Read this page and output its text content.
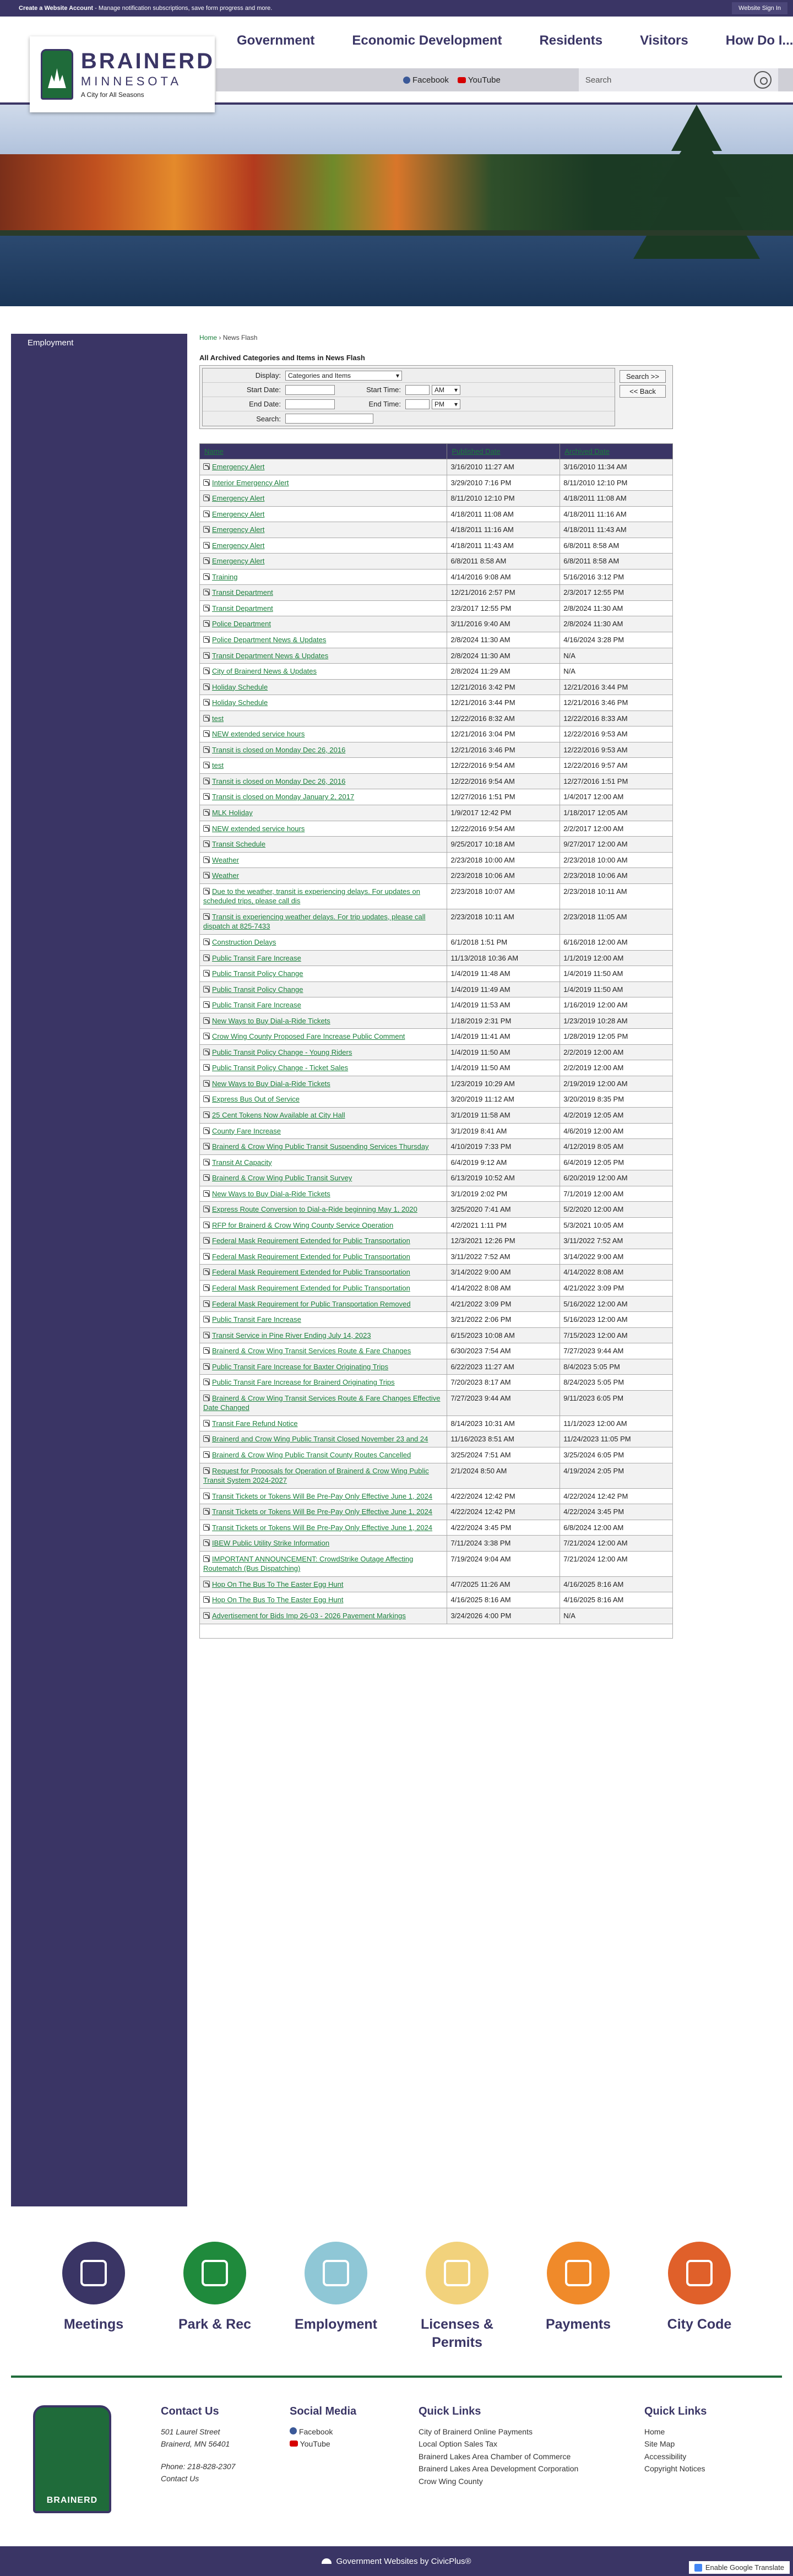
Create a Website Account - Manage notification subscriptions, save form progress and more.	Website Sign In
BRAINERD
MINNESOTA
A City for All Seasons
Government	Economic Development	Residents	Visitors	How Do I...
Facebook YouTube	Search
Employment
Home › News Flash
All Archived Categories and Items in News Flash
Display:	Categories and Items	▾
Start Date:	Start Time:	AM ▾
End Date:	End Time:	PM ▾
Search:
Search >>
<< Back
Name	Published Date	Archived Date
Emergency Alert	3/16/2010 11:27 AM	3/16/2010 11:34 AM
Interior Emergency Alert	3/29/2010 7:16 PM	8/11/2010 12:10 PM
Emergency Alert	8/11/2010 12:10 PM	4/18/2011 11:08 AM
Emergency Alert	4/18/2011 11:08 AM	4/18/2011 11:16 AM
Emergency Alert	4/18/2011 11:16 AM	4/18/2011 11:43 AM
Emergency Alert	4/18/2011 11:43 AM	6/8/2011 8:58 AM
Emergency Alert	6/8/2011 8:58 AM	6/8/2011 8:58 AM
Training	4/14/2016 9:08 AM	5/16/2016 3:12 PM
Transit Department	12/21/2016 2:57 PM	2/3/2017 12:55 PM
Transit Department	2/3/2017 12:55 PM	2/8/2024 11:30 AM
Police Department	3/11/2016 9:40 AM	2/8/2024 11:30 AM
Police Department News & Updates	2/8/2024 11:30 AM	4/16/2024 3:28 PM
Transit Department News & Updates	2/8/2024 11:30 AM	N/A
City of Brainerd News & Updates	2/8/2024 11:29 AM	N/A
Holiday Schedule	12/21/2016 3:42 PM	12/21/2016 3:44 PM
Holiday Schedule	12/21/2016 3:44 PM	12/21/2016 3:46 PM
test	12/22/2016 8:32 AM	12/22/2016 8:33 AM
NEW extended service hours	12/21/2016 3:04 PM	12/22/2016 9:53 AM
Transit is closed on Monday Dec 26, 2016	12/21/2016 3:46 PM	12/22/2016 9:53 AM
test	12/22/2016 9:54 AM	12/22/2016 9:57 AM
Transit is closed on Monday Dec 26, 2016	12/22/2016 9:54 AM	12/27/2016 1:51 PM
Transit is closed on Monday January 2, 2017	12/27/2016 1:51 PM	1/4/2017 12:00 AM
MLK Holiday	1/9/2017 12:42 PM	1/18/2017 12:05 AM
NEW extended service hours	12/22/2016 9:54 AM	2/2/2017 12:00 AM
Transit Schedule	9/25/2017 10:18 AM	9/27/2017 12:00 AM
Weather	2/23/2018 10:00 AM	2/23/2018 10:00 AM
Weather	2/23/2018 10:06 AM	2/23/2018 10:06 AM
Due to the weather, transit is experiencing delays. For updates on scheduled trips, please call dis	2/23/2018 10:07 AM	2/23/2018 10:11 AM
Transit is experiencing weather delays. For trip updates, please call dispatch at 825-7433	2/23/2018 10:11 AM	2/23/2018 11:05 AM
Construction Delays	6/1/2018 1:51 PM	6/16/2018 12:00 AM
Public Transit Fare Increase	11/13/2018 10:36 AM	1/1/2019 12:00 AM
Public Transit Policy Change	1/4/2019 11:48 AM	1/4/2019 11:50 AM
Public Transit Policy Change	1/4/2019 11:49 AM	1/4/2019 11:50 AM
Public Transit Fare Increase	1/4/2019 11:53 AM	1/16/2019 12:00 AM
New Ways to Buy Dial-a-Ride Tickets	1/18/2019 2:31 PM	1/23/2019 10:28 AM
Crow Wing County Proposed Fare Increase Public Comment	1/4/2019 11:41 AM	1/28/2019 12:05 PM
Public Transit Policy Change - Young Riders	1/4/2019 11:50 AM	2/2/2019 12:00 AM
Public Transit Policy Change - Ticket Sales	1/4/2019 11:50 AM	2/2/2019 12:00 AM
New Ways to Buy Dial-a-Ride Tickets	1/23/2019 10:29 AM	2/19/2019 12:00 AM
Express Bus Out of Service	3/20/2019 11:12 AM	3/20/2019 8:35 PM
25 Cent Tokens Now Available at City Hall	3/1/2019 11:58 AM	4/2/2019 12:05 AM
County Fare Increase	3/1/2019 8:41 AM	4/6/2019 12:00 AM
Brainerd & Crow Wing Public Transit Suspending Services Thursday	4/10/2019 7:33 PM	4/12/2019 8:05 AM
Transit At Capacity	6/4/2019 9:12 AM	6/4/2019 12:05 PM
Brainerd & Crow Wing Public Transit Survey	6/13/2019 10:52 AM	6/20/2019 12:00 AM
New Ways to Buy Dial-a-Ride Tickets	3/1/2019 2:02 PM	7/1/2019 12:00 AM
Express Route Conversion to Dial-a-Ride beginning May 1, 2020	3/25/2020 7:41 AM	5/2/2020 12:00 AM
RFP for Brainerd & Crow Wing County Service Operation	4/2/2021 1:11 PM	5/3/2021 10:05 AM
Federal Mask Requirement Extended for Public Transportation	12/3/2021 12:26 PM	3/11/2022 7:52 AM
Federal Mask Requirement Extended for Public Transportation	3/11/2022 7:52 AM	3/14/2022 9:00 AM
Federal Mask Requirement Extended for Public Transportation	3/14/2022 9:00 AM	4/14/2022 8:08 AM
Federal Mask Requirement Extended for Public Transportation	4/14/2022 8:08 AM	4/21/2022 3:09 PM
Federal Mask Requirement for Public Transportation Removed	4/21/2022 3:09 PM	5/16/2022 12:00 AM
Public Transit Fare Increase	3/21/2022 2:06 PM	5/16/2023 12:00 AM
Transit Service in Pine River Ending July 14, 2023	6/15/2023 10:08 AM	7/15/2023 12:00 AM
Brainerd & Crow Wing Transit Services Route & Fare Changes	6/30/2023 7:54 AM	7/27/2023 9:44 AM
Public Transit Fare Increase for Baxter Originating Trips	6/22/2023 11:27 AM	8/4/2023 5:05 PM
Public Transit Fare Increase for Brainerd Originating Trips	7/20/2023 8:17 AM	8/24/2023 5:05 PM
Brainerd & Crow Wing Transit Services Route & Fare Changes Effective Date Changed	7/27/2023 9:44 AM	9/11/2023 6:05 PM
Transit Fare Refund Notice	8/14/2023 10:31 AM	11/1/2023 12:00 AM
Brainerd and Crow Wing Public Transit Closed November 23 and 24	11/16/2023 8:51 AM	11/24/2023 11:05 PM
Brainerd & Crow Wing Public Transit County Routes Cancelled	3/25/2024 7:51 AM	3/25/2024 6:05 PM
Request for Proposals for Operation of Brainerd & Crow Wing Public Transit System 2024-2027	2/1/2024 8:50 AM	4/19/2024 2:05 PM
Transit Tickets or Tokens Will Be Pre-Pay Only Effective June 1, 2024	4/22/2024 12:42 PM	4/22/2024 12:42 PM
Transit Tickets or Tokens Will Be Pre-Pay Only Effective June 1, 2024	4/22/2024 12:42 PM	4/22/2024 3:45 PM
Transit Tickets or Tokens Will Be Pre-Pay Only Effective June 1, 2024	4/22/2024 3:45 PM	6/8/2024 12:00 AM
IBEW Public Utility Strike Information	7/11/2024 3:38 PM	7/21/2024 12:00 AM
IMPORTANT ANNOUNCEMENT: CrowdStrike Outage Affecting Routematch (Bus Dispatching)	7/19/2024 9:04 AM	7/21/2024 12:00 AM
Hop On The Bus To The Easter Egg Hunt	4/7/2025 11:26 AM	4/16/2025 8:16 AM
Hop On The Bus To The Easter Egg Hunt	4/16/2025 8:16 AM	4/16/2025 8:16 AM
Advertisement for Bids Imp 26-03 - 2026 Pavement Markings	3/24/2026 4:00 PM	N/A

Meetings	Park & Rec	Employment	Licenses & Permits
Payments	City Code
BRAINERD
Contact Us

501 Laurel Street

Brainerd, MN 56401

Phone: 218-828-2307

Contact Us
Social Media
Facebook
YouTube
Quick Links
City of Brainerd Online Payments
Local Option Sales Tax
Brainerd Lakes Area Chamber of Commerce
Brainerd Lakes Area Development Corporation
Crow Wing County
Quick Links
Home
Site Map
Accessibility
Copyright Notices
Government Websites by CivicPlus®
Enable Google Translate
